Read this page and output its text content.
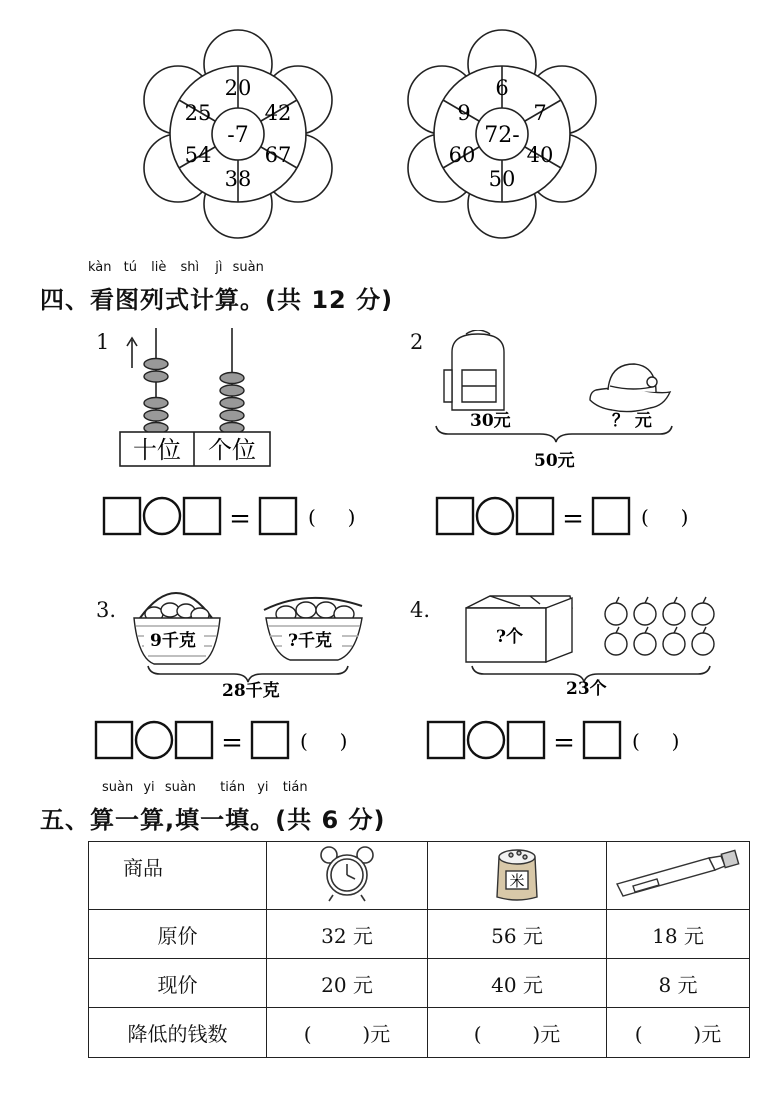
-7
20
42
67
38
54
25
72-
6
7
40
50
60
9
kàn tú liè shì jì suàn
四、看图列式计算。(共 12 分)
1
十位 个位
2
30元	？ 元
50元
=	(     )	=	(     )
3.
9千克	?千克
28千克
4.
?个
23个
=	(     )	=	(     )
suàn yi suàn tián yi tián
五、算一算,填一填。(共 6 分)
商品		米

原价	32 元	56 元	18 元
现价	20 元	40 元	8 元
降低的钱数	(        )元	(        )元	(        )元
